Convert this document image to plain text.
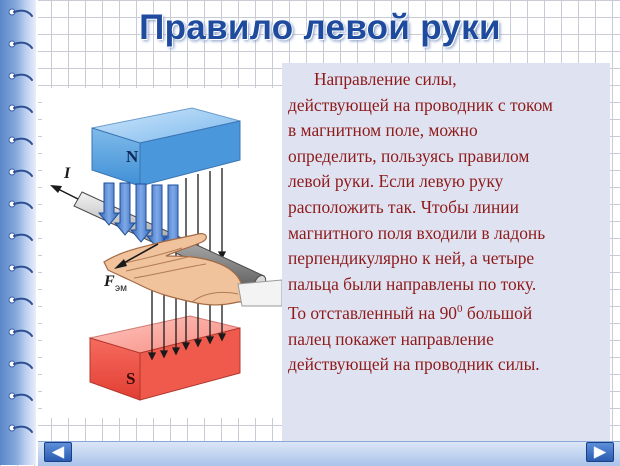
Правило левой руки
N
S
I
F эм

Направление силы,
действующей на проводник с током
в магнитном поле, можно
определить, пользуясь правилом
левой руки. Если левую руку
расположить так. Чтобы линии
магнитного поля входили в ладонь
перпендикулярно к ней, а четыре
пальца были направлены по току.
То отставленный на $90^0$ большой
палец покажет направление
действующей на проводник силы.
